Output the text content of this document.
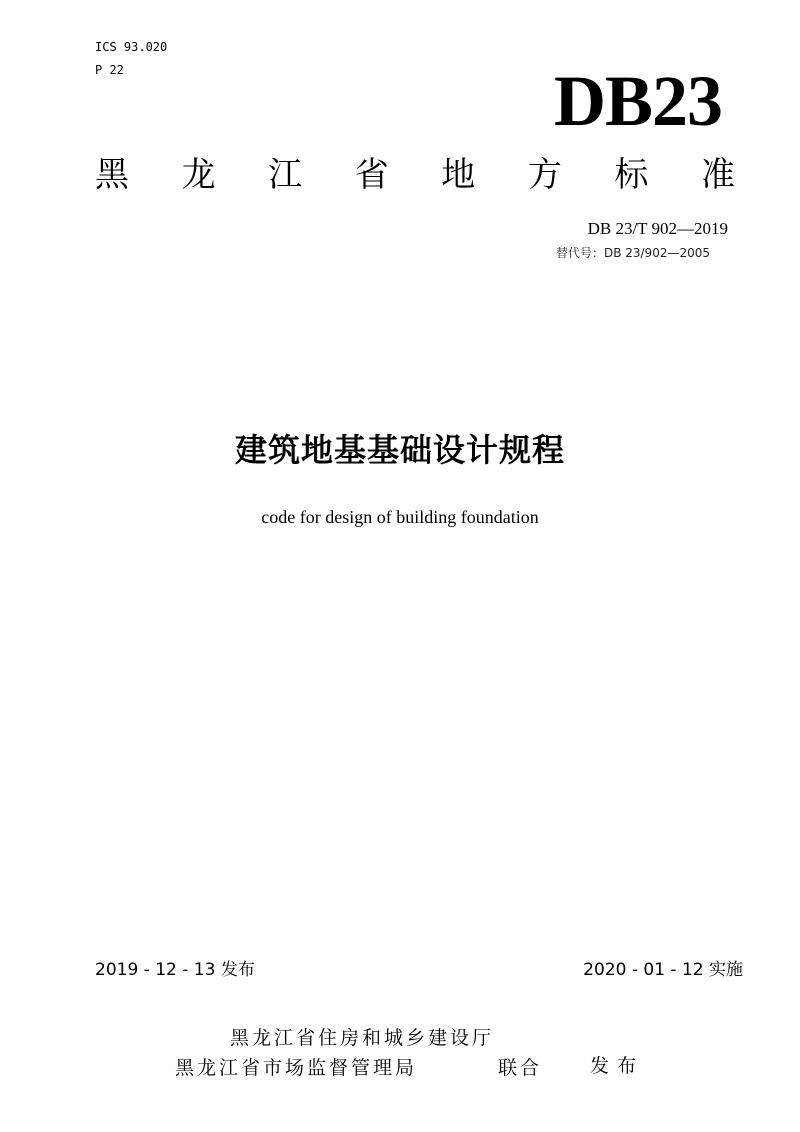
ICS 93.020
P 22	DB23
黑 龙 江 省 地 方 标 准
DB 23/T 902—2019
替代号：DB 23/902—2005
建筑地基基础设计规程
code for design of building foundation
2019 - 12 - 13 发布	2020 - 01 - 12 实施
黑龙江省住房和城乡建设厅
黑龙江省市场监督管理局	联合	发布
